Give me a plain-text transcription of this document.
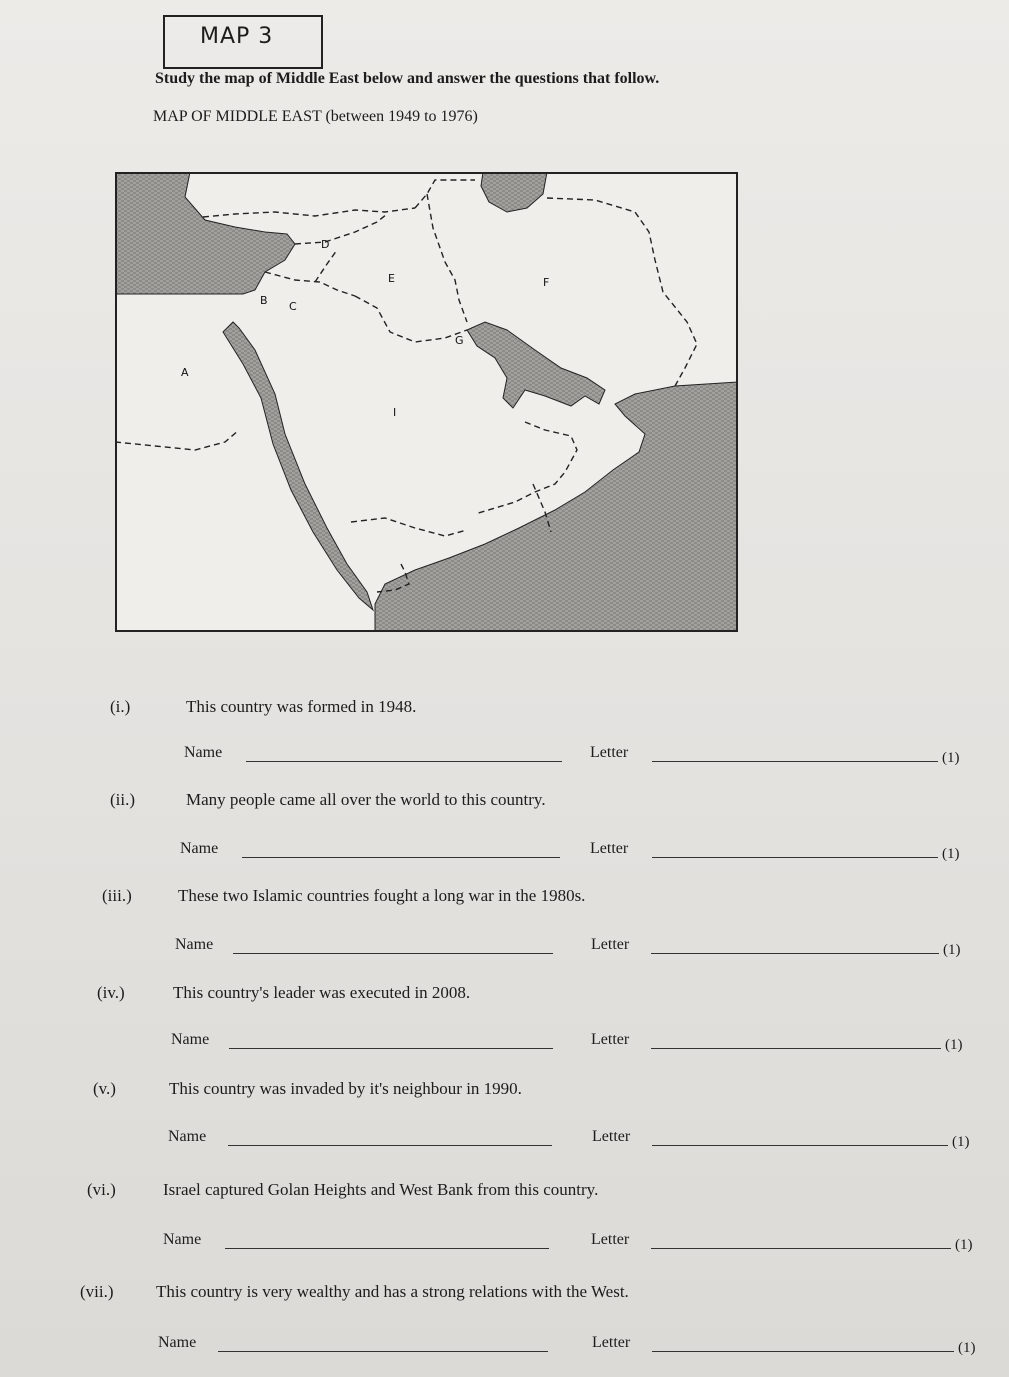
MAP 3
Study the map of Middle East below and answer the questions that follow.
MAP OF MIDDLE EAST (between 1949 to 1976)
A
B C
D
E	F
G
I
(i.)	This country was formed in 1948.
Name	Letter	(1)
(ii.)	Many people came all over the world to this country.
Name	Letter	(1)
(iii.)	These two Islamic countries fought a long war in the 1980s.
Name	Letter	(1)
(iv.)	This country's leader was executed in 2008.
Name	Letter	(1)
(v.)	This country was invaded by it's neighbour in 1990.
Name	Letter	(1)
(vi.)	Israel captured Golan Heights and West Bank from this country.
Name	Letter	(1)
(vii.) This country is very wealthy and has a strong relations with the West.
Name	Letter	(1)
